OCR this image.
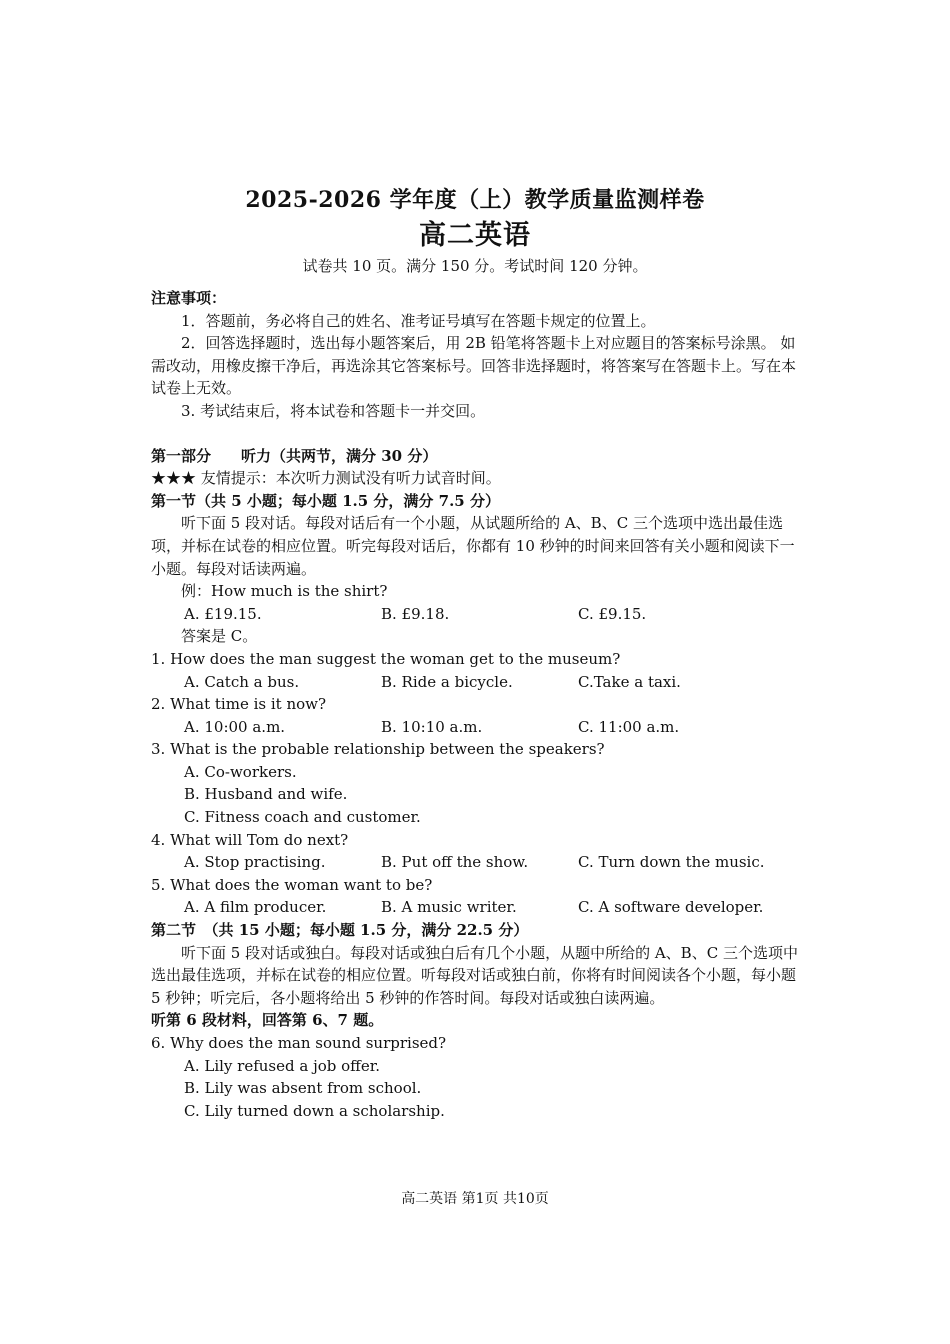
2025-2026 学年度（上）教学质量监测样卷
高二英语
试卷共 10 页。满分 150 分。考试时间 120 分钟。

注意事项：

1．答题前，务必将自己的姓名、准考证号填写在答题卡规定的位置上。

2．回答选择题时，选出每小题答案后，用 2B 铅笔将答题卡上对应题目的答案标号涂黑。 如需改动，用橡皮擦干净后，再选涂其它答案标号。回答非选择题时，将答案写在答题卡上。写在本试卷上无效。

3. 考试结束后，将本试卷和答题卡一并交回。

第一部分　　听力（共两节，满分 30 分）

★★★ 友情提示：本次听力测试没有听力试音时间。

第一节（共 5 小题；每小题 1.5 分，满分 7.5 分）

听下面 5 段对话。每段对话后有一个小题，从试题所给的 A、B、C 三个选项中选出最佳选项，并标在试卷的相应位置。听完每段对话后，你都有 10 秒钟的时间来回答有关小题和阅读下一小题。每段对话读两遍。

例：How much is the shirt?

A. £19.15.	B. £9.18.	C. £9.15.

答案是 C。

1. How does the man suggest the woman get to the museum?

A. Catch a bus.	B. Ride a bicycle.	C.Take a taxi.

2. What time is it now?

A. 10:00 a.m.	B. 10:10 a.m.	C. 11:00 a.m.

3. What is the probable relationship between the speakers?

A. Co-workers.

B. Husband and wife.

C. Fitness coach and customer.

4. What will Tom do next?

A. Stop practising.	B. Put off the show.	C. Turn down the music.

5. What does the woman want to be?

A. A film producer.	B. A music writer.	C. A software developer.

第二节　（共 15 小题；每小题 1.5 分，满分 22.5 分）

听下面 5 段对话或独白。每段对话或独白后有几个小题，从题中所给的 A、B、C 三个选项中选出最佳选项，并标在试卷的相应位置。听每段对话或独白前，你将有时间阅读各个小题，每小题 5 秒钟；听完后，各小题将给出 5 秒钟的作答时间。每段对话或独白读两遍。

听第 6 段材料，回答第 6、7 题。

6. Why does the man sound surprised?

A. Lily refused a job offer.

B. Lily was absent from school.

C. Lily turned down a scholarship.

高二英语 第1页 共10页
